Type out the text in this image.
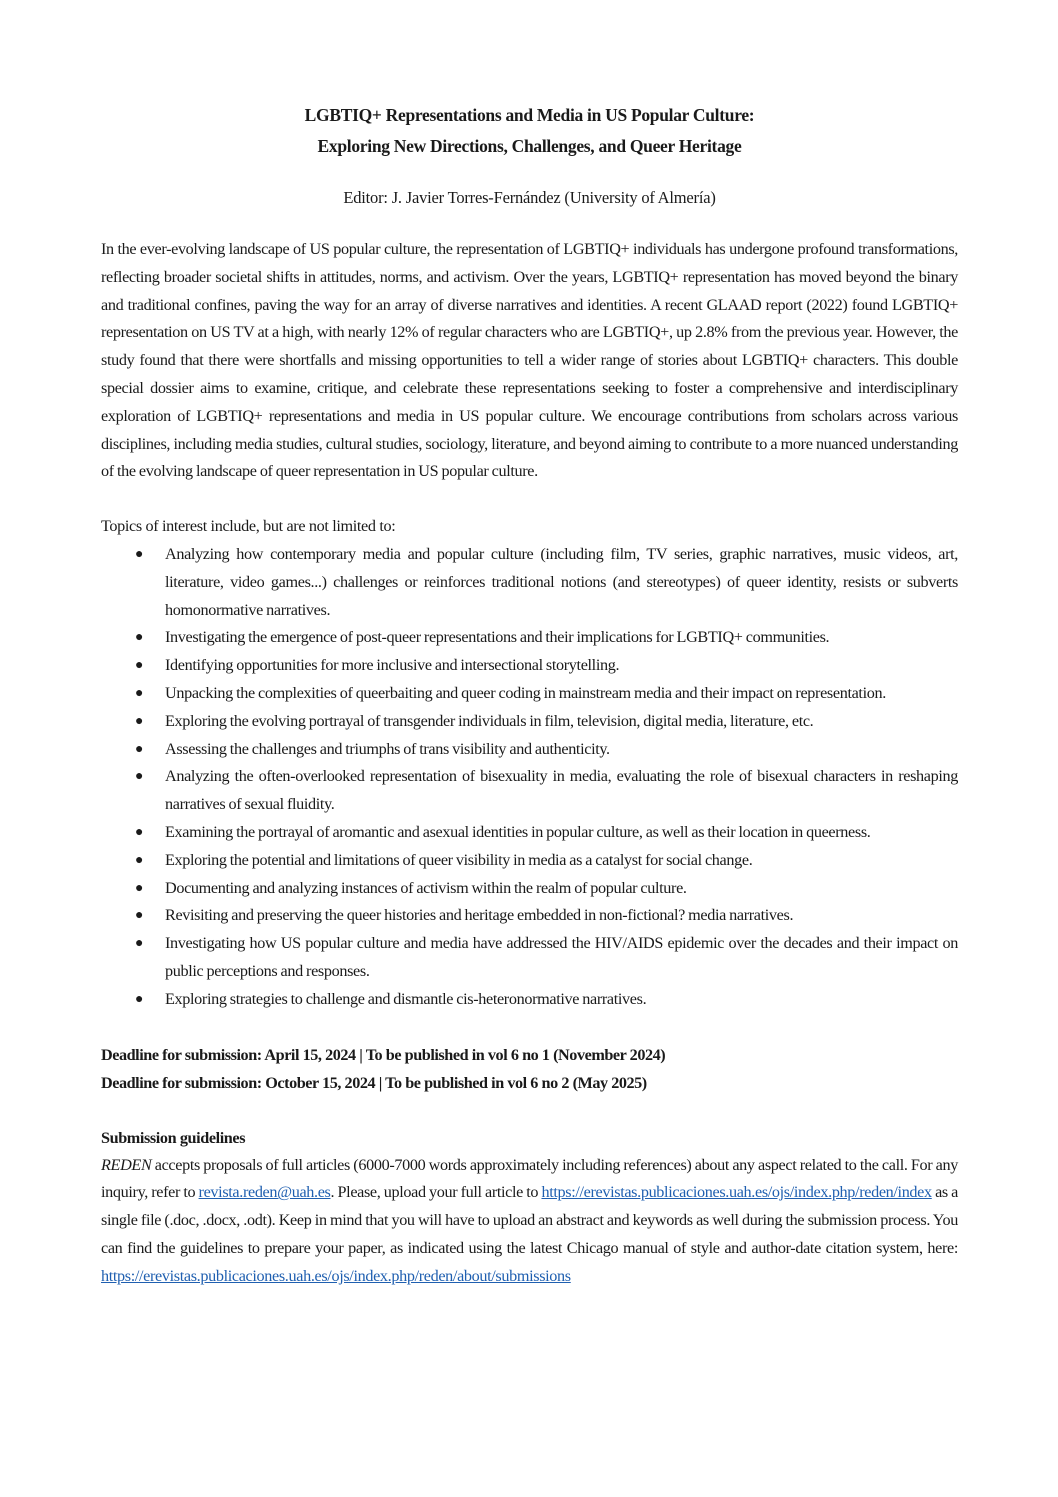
LGBTIQ+ Representations and Media in US Popular Culture:

Exploring New Directions, Challenges, and Queer Heritage

Editor: J. Javier Torres-Fernández (University of Almería)

In the ever-evolving landscape of US popular culture, the representation of LGBTIQ+ individuals has undergone profound transformations, reflecting broader societal shifts in attitudes, norms, and activism. Over the years, LGBTIQ+ representation has moved beyond the binary and traditional confines, paving the way for an array of diverse narratives and identities. A recent GLAAD report (2022) found LGBTIQ+ representation on US TV at a high, with nearly 12% of regular characters who are LGBTIQ+, up 2.8% from the previous year. However, the study found that there were shortfalls and missing opportunities to tell a wider range of stories about LGBTIQ+ characters. This double special dossier aims to examine, critique, and celebrate these representations seeking to foster a comprehensive and interdisciplinary exploration of LGBTIQ+ representations and media in US popular culture. We encourage contributions from scholars across various disciplines, including media studies, cultural studies, sociology, literature, and beyond aiming to contribute to a more nuanced understanding of the evolving landscape of queer representation in US popular culture.

Topics of interest include, but are not limited to:

● Analyzing how contemporary media and popular culture (including film, TV series, graphic narratives, music videos, art, literature, video games...) challenges or reinforces traditional notions (and stereotypes) of queer identity, resists or subverts homonormative narratives.
● Investigating the emergence of post-queer representations and their implications for LGBTIQ+ communities.
● Identifying opportunities for more inclusive and intersectional storytelling.
● Unpacking the complexities of queerbaiting and queer coding in mainstream media and their impact on representation.
● Exploring the evolving portrayal of transgender individuals in film, television, digital media, literature, etc.
● Assessing the challenges and triumphs of trans visibility and authenticity.
● Analyzing the often-overlooked representation of bisexuality in media, evaluating the role of bisexual characters in reshaping narratives of sexual fluidity.
● Examining the portrayal of aromantic and asexual identities in popular culture, as well as their location in queerness.
● Exploring the potential and limitations of queer visibility in media as a catalyst for social change.
● Documenting and analyzing instances of activism within the realm of popular culture.
● Revisiting and preserving the queer histories and heritage embedded in non-fictional? media narratives.
● Investigating how US popular culture and media have addressed the HIV/AIDS epidemic over the decades and their impact on public perceptions and responses.
● Exploring strategies to challenge and dismantle cis-heteronormative narratives.
Deadline for submission: April 15, 2024 | To be published in vol 6 no 1 (November 2024)
Deadline for submission: October 15, 2024 | To be published in vol 6 no 2 (May 2025)
Submission guidelines

REDEN accepts proposals of full articles (6000-7000 words approximately including references) about any aspect related to the call. For any inquiry, refer to revista.reden@uah.es. Please, upload your full article to https://erevistas.publicaciones.uah.es/ojs/index.php/reden/index as a single file (.doc, .docx, .odt). Keep in mind that you will have to upload an abstract and keywords as well during the submission process. You can find the guidelines to prepare your paper, as indicated using the latest Chicago manual of style and author-date citation system, here: https://erevistas.publicaciones.uah.es/ojs/index.php/reden/about/submissions
